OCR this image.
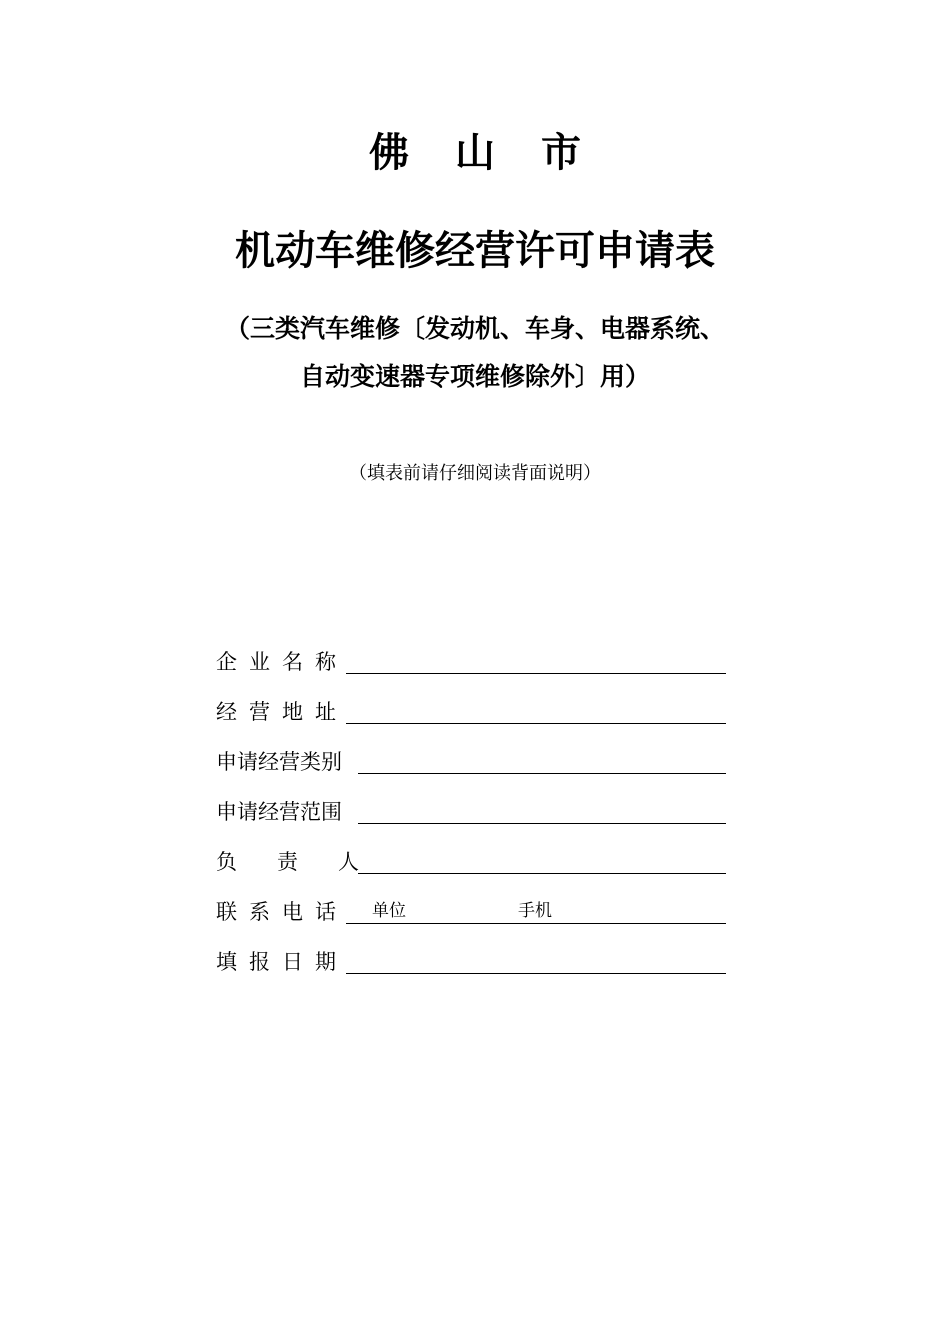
佛山市
机动车维修经营许可申请表
（三类汽车维修〔发动机、车身、电器系统、
自动变速器专项维修除外〕用）
（填表前请仔细阅读背面说明）
企业名称
经营地址
申请经营类别
申请经营范围
负责人
联系电话 单位	手机
填报日期
